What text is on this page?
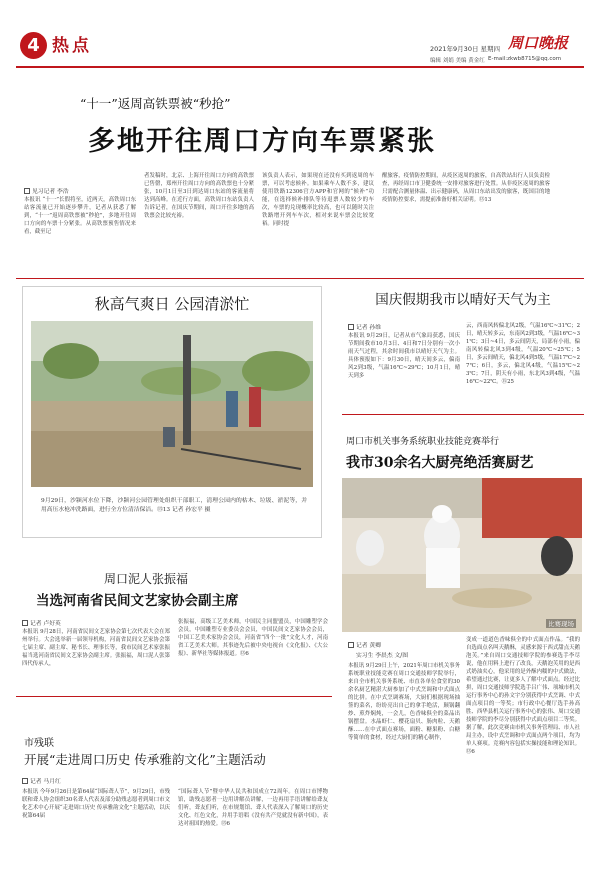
4 热点	2021年9月30日 星期四
编辑 刘娟 美编 黄金红
周口晚报
E-mail:zkwb8715@qq.com
“十一”返周高铁票被“秒抢”
多地开往周口方向车票紧张
见习记者 李浩
本报讯 “十一”长假将至，近两天，高铁周口东站客流量已开始逐步攀升，记者从获悉了解到，“十一”返周高铁票被“秒抢”，多地开往周口方向的车票十分紧张。从高铁票预售情况来看，截至记
者发稿时，北京、上海开往周口方向的高铁票已售罄，郑州开往周口方向的高铁票也十分紧张，10月1日至3日到达周口东站的客流量将达到高峰。在近行方面，高铁周口东站负责人告诉记者，在国庆节期间，周口开往多地的高铁票会比较充裕。
该负责人表示，如果现在还没有买到返周的车票，可以考虑候补。如果乘车人数不多，建议使用铁路12306官方APP和官网的“候补”功能，在选择候补排队等待退票人数较少的车次，车票的兑现概率比较高，也可以随时关注铁路增开列车车次，相对来说车票会比较宽裕。同时提
醒旅客，疫情防控期间，从疫区返周的旅客，自高铁站出行人员负责检查，再经周口市卫健委统一安排对旅客进行处置。从非疫区返周的旅客只需配合测量体温、出示健康码，从周口东站出发的旅客，既国目的地疫情防控要求，需提前准备好相关证明。⑬13
秋高气爽日 公园清淤忙
9月29日，沙颍河水位下降，沙颍河公园管理处组织干部职工，清理公园内的枯木、垃圾、淤泥等，并用高压水枪冲洗路面，进行全方位清洁保洁。⑬13 记者 孙宏平 摄
国庆假期我市以晴好天气为主
记者 孙维
本报讯 9月29日，记者从市气象局获悉，国庆节期间我市10月3日、4日和7日分别有一次小雨天气过程，其余时间我市以晴好天气为主。具体预报如下：9月30日，晴天间多云，偏南风2到3级，气温16℃~29℃；10月1日，晴天到多
云，西南风转偏北风2级，气温16℃~31℃；2日，晴天转多云，东南风2到3级，气温16℃~31℃；3日~4日，多云间阴天，局部有小雨，偏南风转偏北风3到4级，气温20℃~25℃；5日，多云间晴天，偏北风4到5级，气温17℃~27℃；6日，多云，偏北风4级，气温15℃~23℃；7日，阴天有小雨，东北风3到4级，气温16℃~22℃。⑮25
周口市机关事务系统职业技能竞赛举行
我市30余名大厨亮绝活赛厨艺
比赛现场
记者 黄卿
实习生 李晨杰 文/图
本报讯 9月29日上午，2021年周口市机关事务系统职业技能竞赛在周口交通技师学院举行，来自全市机关事务系统、市直各单位食堂的30余名厨艺精湛大厨参加了中式烹调和中式面点的比拼。在中式烹调赛场，大厨们根据现场抽签的菜名，纷纷亮出自己的拿手绝活，颠锅翻炒、煎炸焖炖，一会儿，色香味俱全的菜品出锅摆盘。水晶虾仁、樱花扇贝、肠肉粒、天鹅酥……在中式面点赛场，面粉、糖果粉、白糖等简单的食材，经过大厨们的精心制作，
变成一道道色香味俱全的中式面点作品。“我的自选面点名叫天鹅酥，灵感来源于西式甜点天鹅泡芙。”来自周口交通技师学院的参赛选手李尽说，他在用料上进行了改良，天鹅泡芙用的是西式奶油夹心，他采用的是外酥内糯的中式做法，希望通过比赛，让更多人了解中式面点。经过比拼，周口交通技师学院选手吕广伟、项城市机关运行事务中心的孙文宇分别获得中式烹调、中式面点项目的一等奖；市行政中心餐厅选手孙高胜、西华县机关运行事务中心的张伟、周口交通技师学院的李尽分别获得中式面点项目二等奖。据了解，此次竞赛由市机关事务管理局、市人社局主办，设中式烹调和中式面点两个项目，均为单人赛项。竞赛内容包括实操技能和理论知识。⑬6
周口泥人张振福
当选河南省民间文艺家协会副主席
记者 卢好英
本报讯 9月28日，河南省民间文艺家协会第七次代表大会在郑州举行。大会选举新一届领导机构，河南省民间文艺家协会第七届主席、副主席、秘书长、理事长等，我市民间艺术家张振福当选河南省民间文艺家协会副主席。张振福，周口泥人张第四代传承人，
张振福，高级工艺美术师，中国民主同盟盟员，中国雕塑学会会员，中国雕塑专业委员会会员，中国民间文艺家协会会员，中国工艺美术家协会会员，河南省“四个一批”文化人才，河南省工艺美术大师。其事迹先后被中央电视台《文化报》、《大公报》、新华社等媒体报道。⑬6
市残联
开展“走进周口历史 传承雅韵文化”主题活动
记者 马月红
本报讯 今年9月26日是第64届“国际聋人节”，9月29日，市残联和聋人协会组织30名聋人代表及部分助残志愿者到周口市文化艺术中心开展“走进周口历史 传承雅韵文化”主题活动，以庆祝第64届
“国际聋人节”暨中华人民共和国成立72周年。在周口市博物馆，助残志愿者一边用讲解员讲解，一边再用手语讲解给聋友们听，聋友们听，在市规划馆、聋人代表深入了解周口的历史文化、红色文化，并用手语唱《没有共产党就没有新中国》，表达对祖国的热爱。⑬6
